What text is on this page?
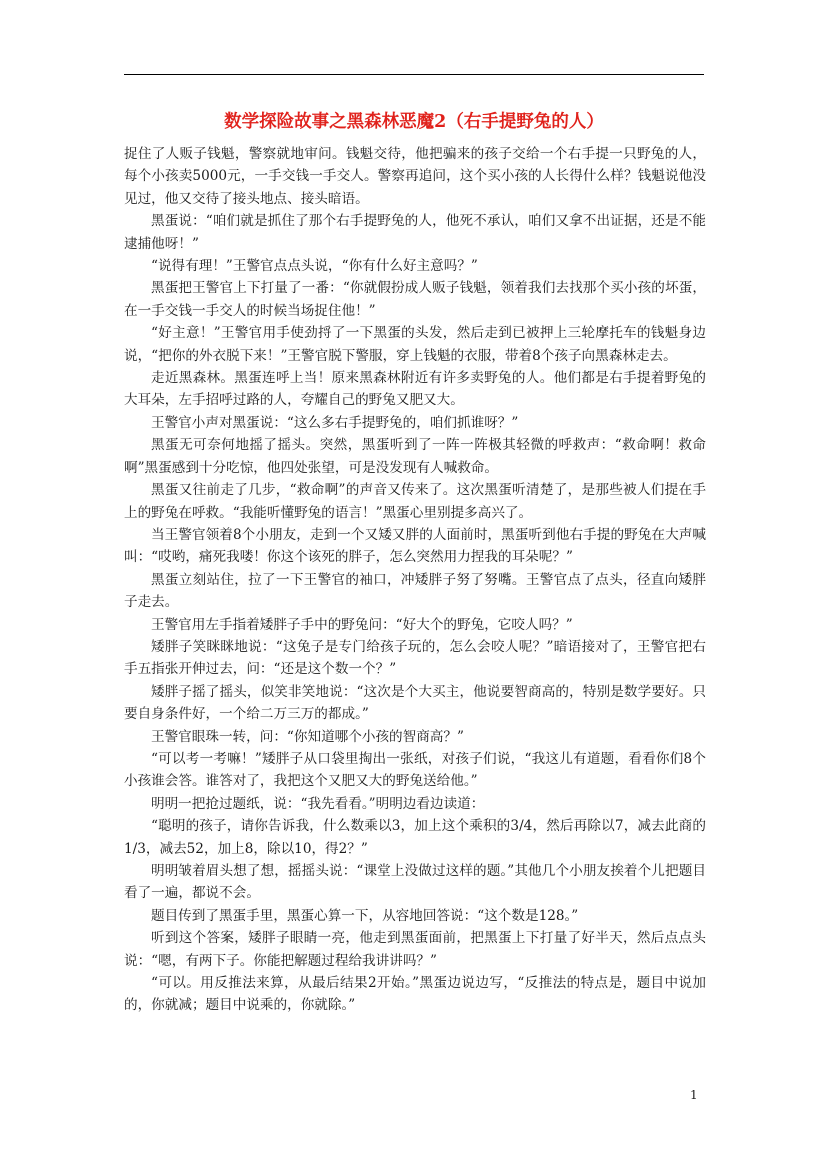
数学探险故事之黑森林恶魔2（右手提野兔的人）

捉住了人贩子钱魁，警察就地审问。钱魁交待，他把骗来的孩子交给一个右手提一只野兔的人，每个小孩卖5000元，一手交钱一手交人。警察再追问，这个买小孩的人长得什么样？钱魁说他没见过，他又交待了接头地点、接头暗语。

黑蛋说：“咱们就是抓住了那个右手提野兔的人，他死不承认，咱们又拿不出证据，还是不能逮捕他呀！”

“说得有理！”王警官点点头说，“你有什么好主意吗？”

黑蛋把王警官上下打量了一番：“你就假扮成人贩子钱魁，领着我们去找那个买小孩的坏蛋，在一手交钱一手交人的时候当场捉住他！”

“好主意！”王警官用手使劲捋了一下黑蛋的头发，然后走到已被押上三轮摩托车的钱魁身边说，“把你的外衣脱下来！”王警官脱下警服，穿上钱魁的衣服，带着8个孩子向黑森林走去。

走近黑森林。黑蛋连呼上当！原来黑森林附近有许多卖野兔的人。他们都是右手提着野兔的大耳朵，左手招呼过路的人，夸耀自己的野兔又肥又大。

王警官小声对黑蛋说：“这么多右手提野兔的，咱们抓谁呀？”

黑蛋无可奈何地摇了摇头。突然，黑蛋听到了一阵一阵极其轻微的呼救声：“救命啊！救命啊”黑蛋感到十分吃惊，他四处张望，可是没发现有人喊救命。

黑蛋又往前走了几步，“救命啊”的声音又传来了。这次黑蛋听清楚了，是那些被人们提在手上的野兔在呼救。“我能听懂野兔的语言！”黑蛋心里别提多高兴了。

当王警官领着8个小朋友，走到一个又矮又胖的人面前时，黑蛋听到他右手提的野兔在大声喊叫：“哎哟，痛死我喽！你这个该死的胖子，怎么突然用力捏我的耳朵呢？”

黑蛋立刻站住，拉了一下王警官的袖口，冲矮胖子努了努嘴。王警官点了点头，径直向矮胖子走去。

王警官用左手指着矮胖子手中的野兔问：“好大个的野兔，它咬人吗？”

矮胖子笑眯眯地说：“这兔子是专门给孩子玩的，怎么会咬人呢？”暗语接对了，王警官把右手五指张开伸过去，问：“还是这个数一个？”

矮胖子摇了摇头，似笑非笑地说：“这次是个大买主，他说要智商高的，特别是数学要好。只要自身条件好，一个给二万三万的都成。”

王警官眼珠一转，问：“你知道哪个小孩的智商高？”

“可以考一考嘛！”矮胖子从口袋里掏出一张纸，对孩子们说，“我这儿有道题，看看你们8个小孩谁会答。谁答对了，我把这个又肥又大的野兔送给他。”

明明一把抢过题纸，说：“我先看看。”明明边看边读道：

“聪明的孩子，请你告诉我，什么数乘以3，加上这个乘积的3/4，然后再除以7，减去此商的1/3，减去52，加上8，除以10，得2？”

明明皱着眉头想了想，摇摇头说：“课堂上没做过这样的题。”其他几个小朋友挨着个儿把题目看了一遍，都说不会。

题目传到了黑蛋手里，黑蛋心算一下，从容地回答说：“这个数是128。”

听到这个答案，矮胖子眼睛一亮，他走到黑蛋面前，把黑蛋上下打量了好半天，然后点点头说：“嗯，有两下子。你能把解题过程给我讲讲吗？”

“可以。用反推法来算，从最后结果2开始。”黑蛋边说边写，“反推法的特点是，题目中说加的，你就减；题目中说乘的，你就除。”

1
